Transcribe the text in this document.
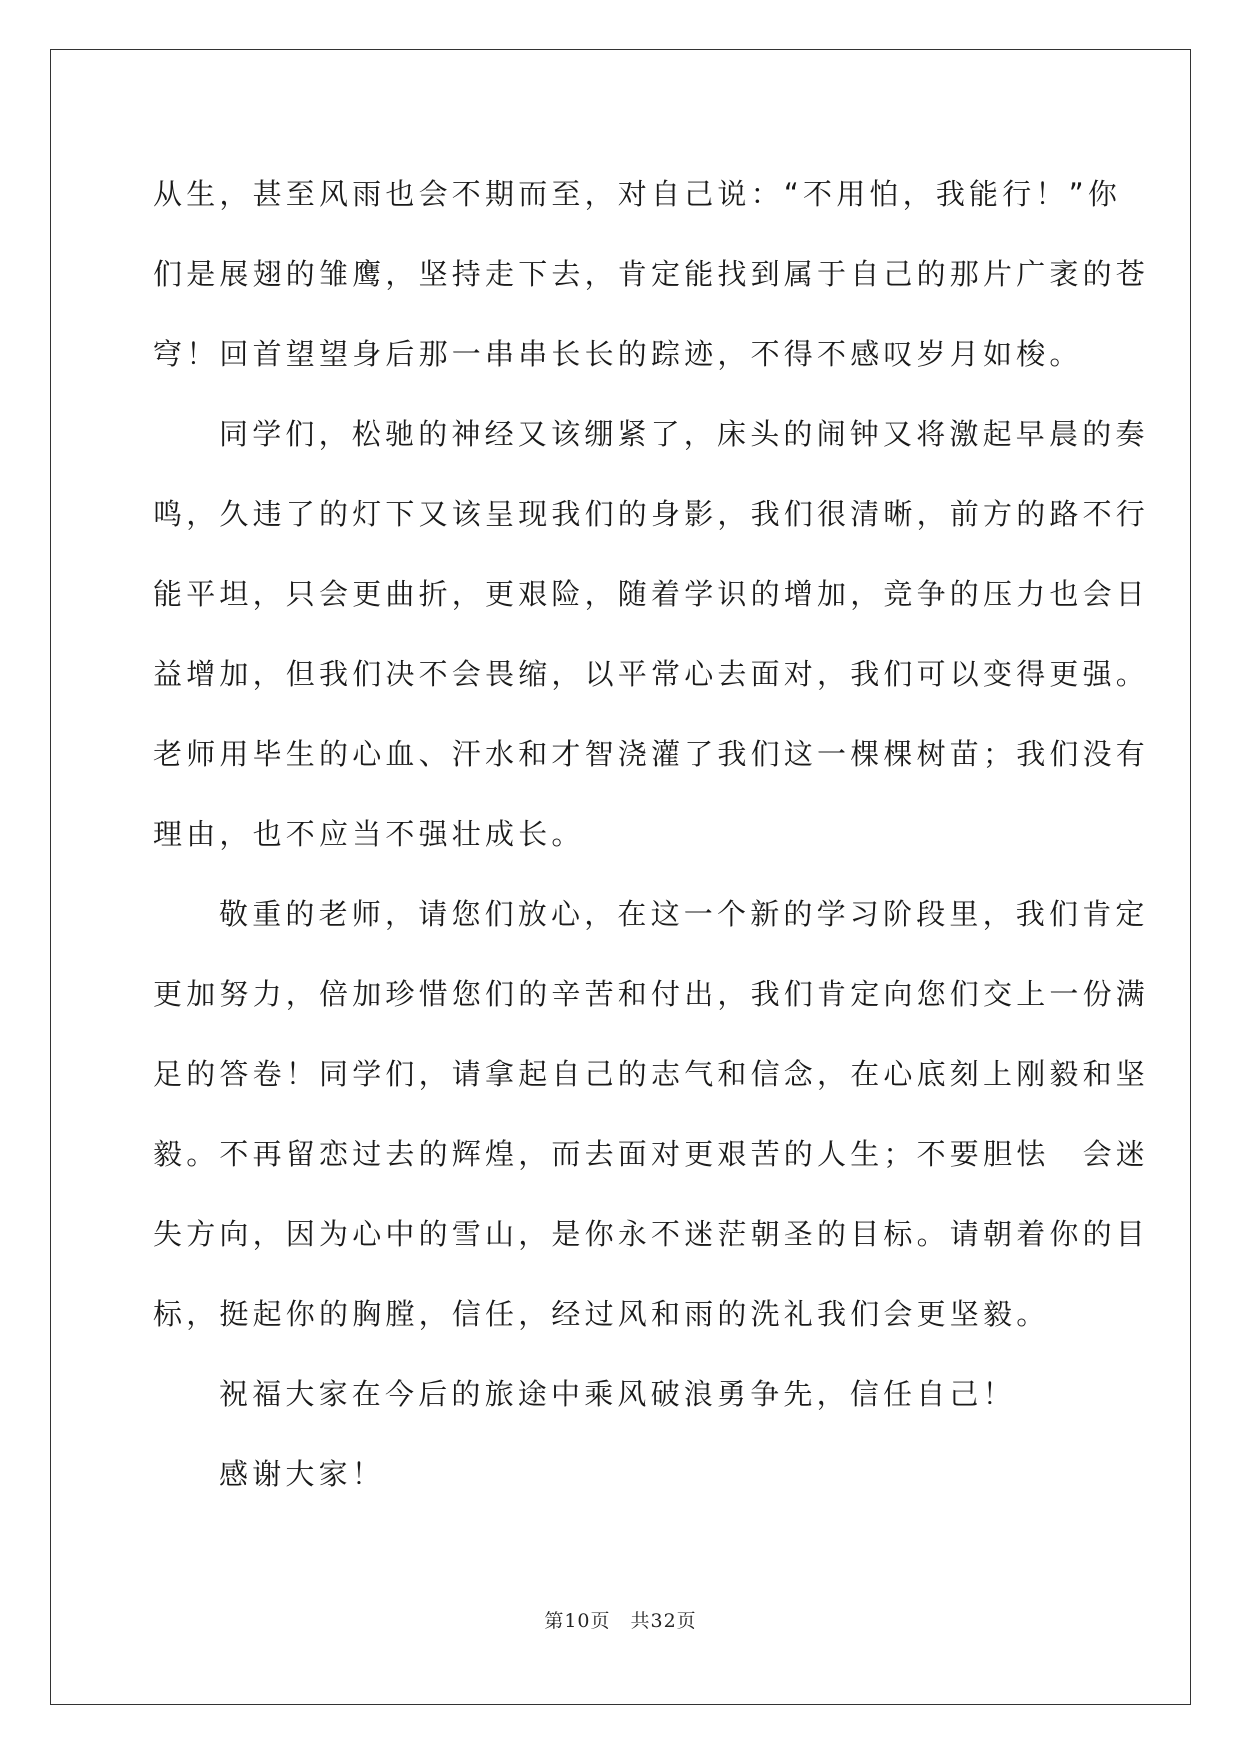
从生，甚至风雨也会不期而至，对自己说：“不用怕，我能行！”你
们是展翅的雏鹰，坚持走下去，肯定能找到属于自己的那片广袤的苍
穹！回首望望身后那一串串长长的踪迹，不得不感叹岁月如梭。
同学们，松驰的神经又该绷紧了，床头的闹钟又将激起早晨的奏
鸣，久违了的灯下又该呈现我们的身影，我们很清晰，前方的路不行
能平坦，只会更曲折，更艰险，随着学识的增加，竞争的压力也会日
益增加，但我们决不会畏缩，以平常心去面对，我们可以变得更强。
老师用毕生的心血、汗水和才智浇灌了我们这一棵棵树苗；我们没有
理由，也不应当不强壮成长。
敬重的老师，请您们放心，在这一个新的学习阶段里，我们肯定
更加努力，倍加珍惜您们的辛苦和付出，我们肯定向您们交上一份满
足的答卷！同学们，请拿起自己的志气和信念，在心底刻上刚毅和坚
毅。不再留恋过去的辉煌，而去面对更艰苦的人生；不要胆怯　会迷
失方向，因为心中的雪山，是你永不迷茫朝圣的目标。请朝着你的目
标，挺起你的胸膛，信任，经过风和雨的洗礼我们会更坚毅。
祝福大家在今后的旅途中乘风破浪勇争先，信任自己！
感谢大家！
第10页 共32页
